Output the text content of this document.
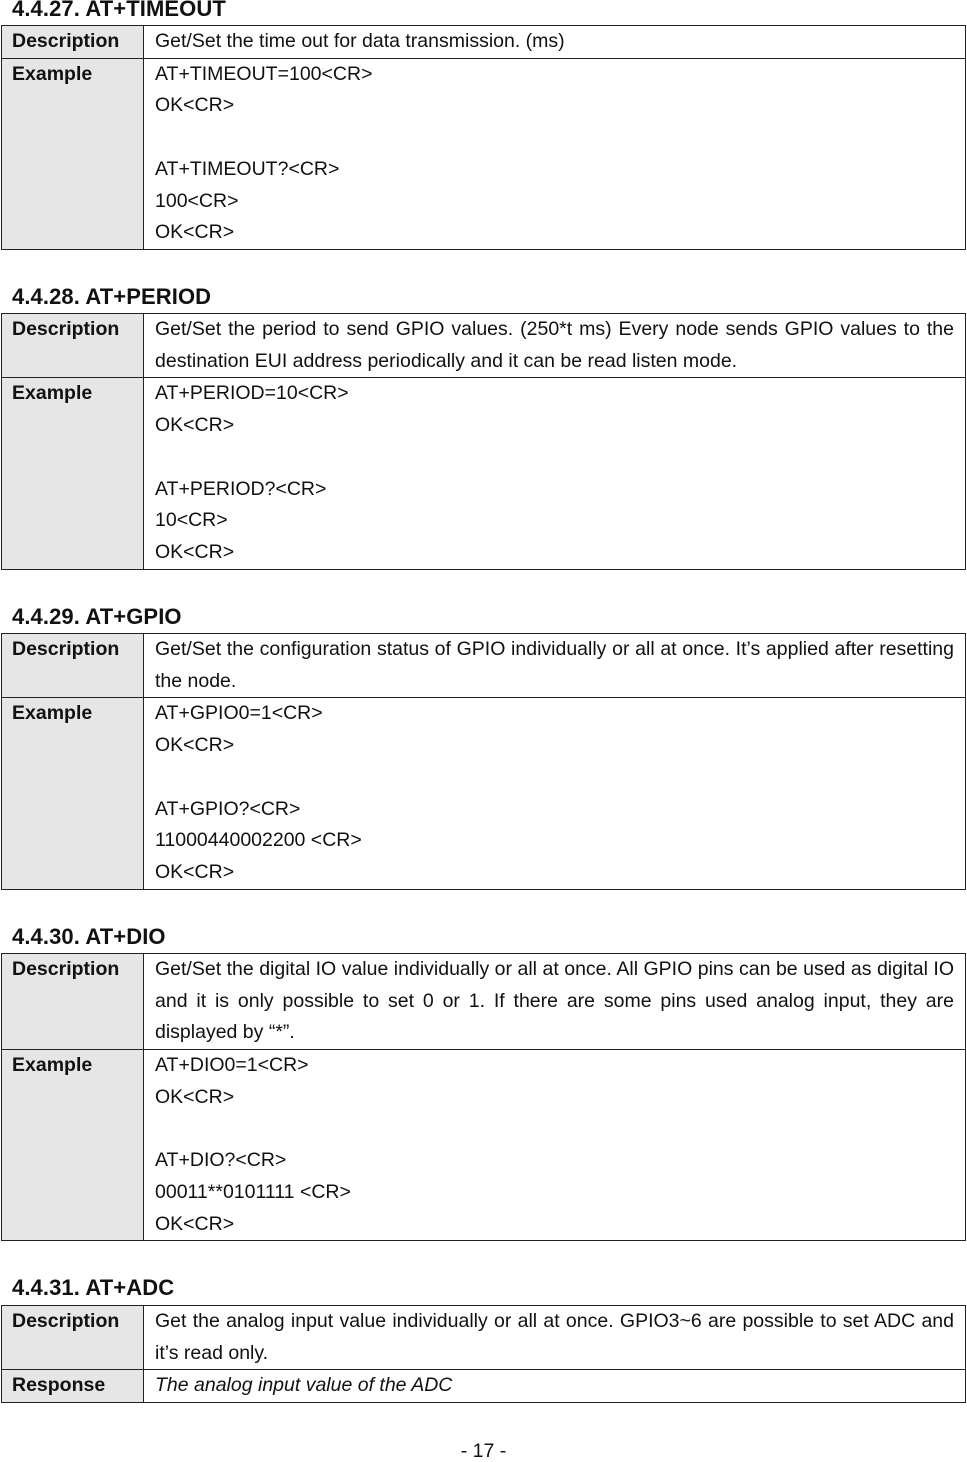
4.4.27. AT+TIMEOUT
Description	Get/Set the time out for data transmission. (ms)
Example	AT+TIMEOUT=100<CR>
OK<CR>
AT+TIMEOUT?<CR>
100<CR>
OK<CR>
4.4.28. AT+PERIOD
Description	Get/Set the period to send GPIO values. (250*t ms) Every node sends GPIO values to the destination EUI address periodically and it can be read listen mode.
Example	AT+PERIOD=10<CR>
OK<CR>
AT+PERIOD?<CR>
10<CR>
OK<CR>
4.4.29. AT+GPIO
Description	Get/Set the configuration status of GPIO individually or all at once. It’s applied after resetting the node.
Example	AT+GPIO0=1<CR>
OK<CR>
AT+GPIO?<CR>
11000440002200 <CR>
OK<CR>
4.4.30. AT+DIO
Description	Get/Set the digital IO value individually or all at once. All GPIO pins can be used as digital IO and it is only possible to set 0 or 1. If there are some pins used analog input, they are displayed by “*”.
Example	AT+DIO0=1<CR>
OK<CR>
AT+DIO?<CR>
00011**0101111 <CR>
OK<CR>
4.4.31. AT+ADC
Description	Get the analog input value individually or all at once. GPIO3~6 are possible to set ADC and it’s read only.
Response	The analog input value of the ADC
- 17 -
